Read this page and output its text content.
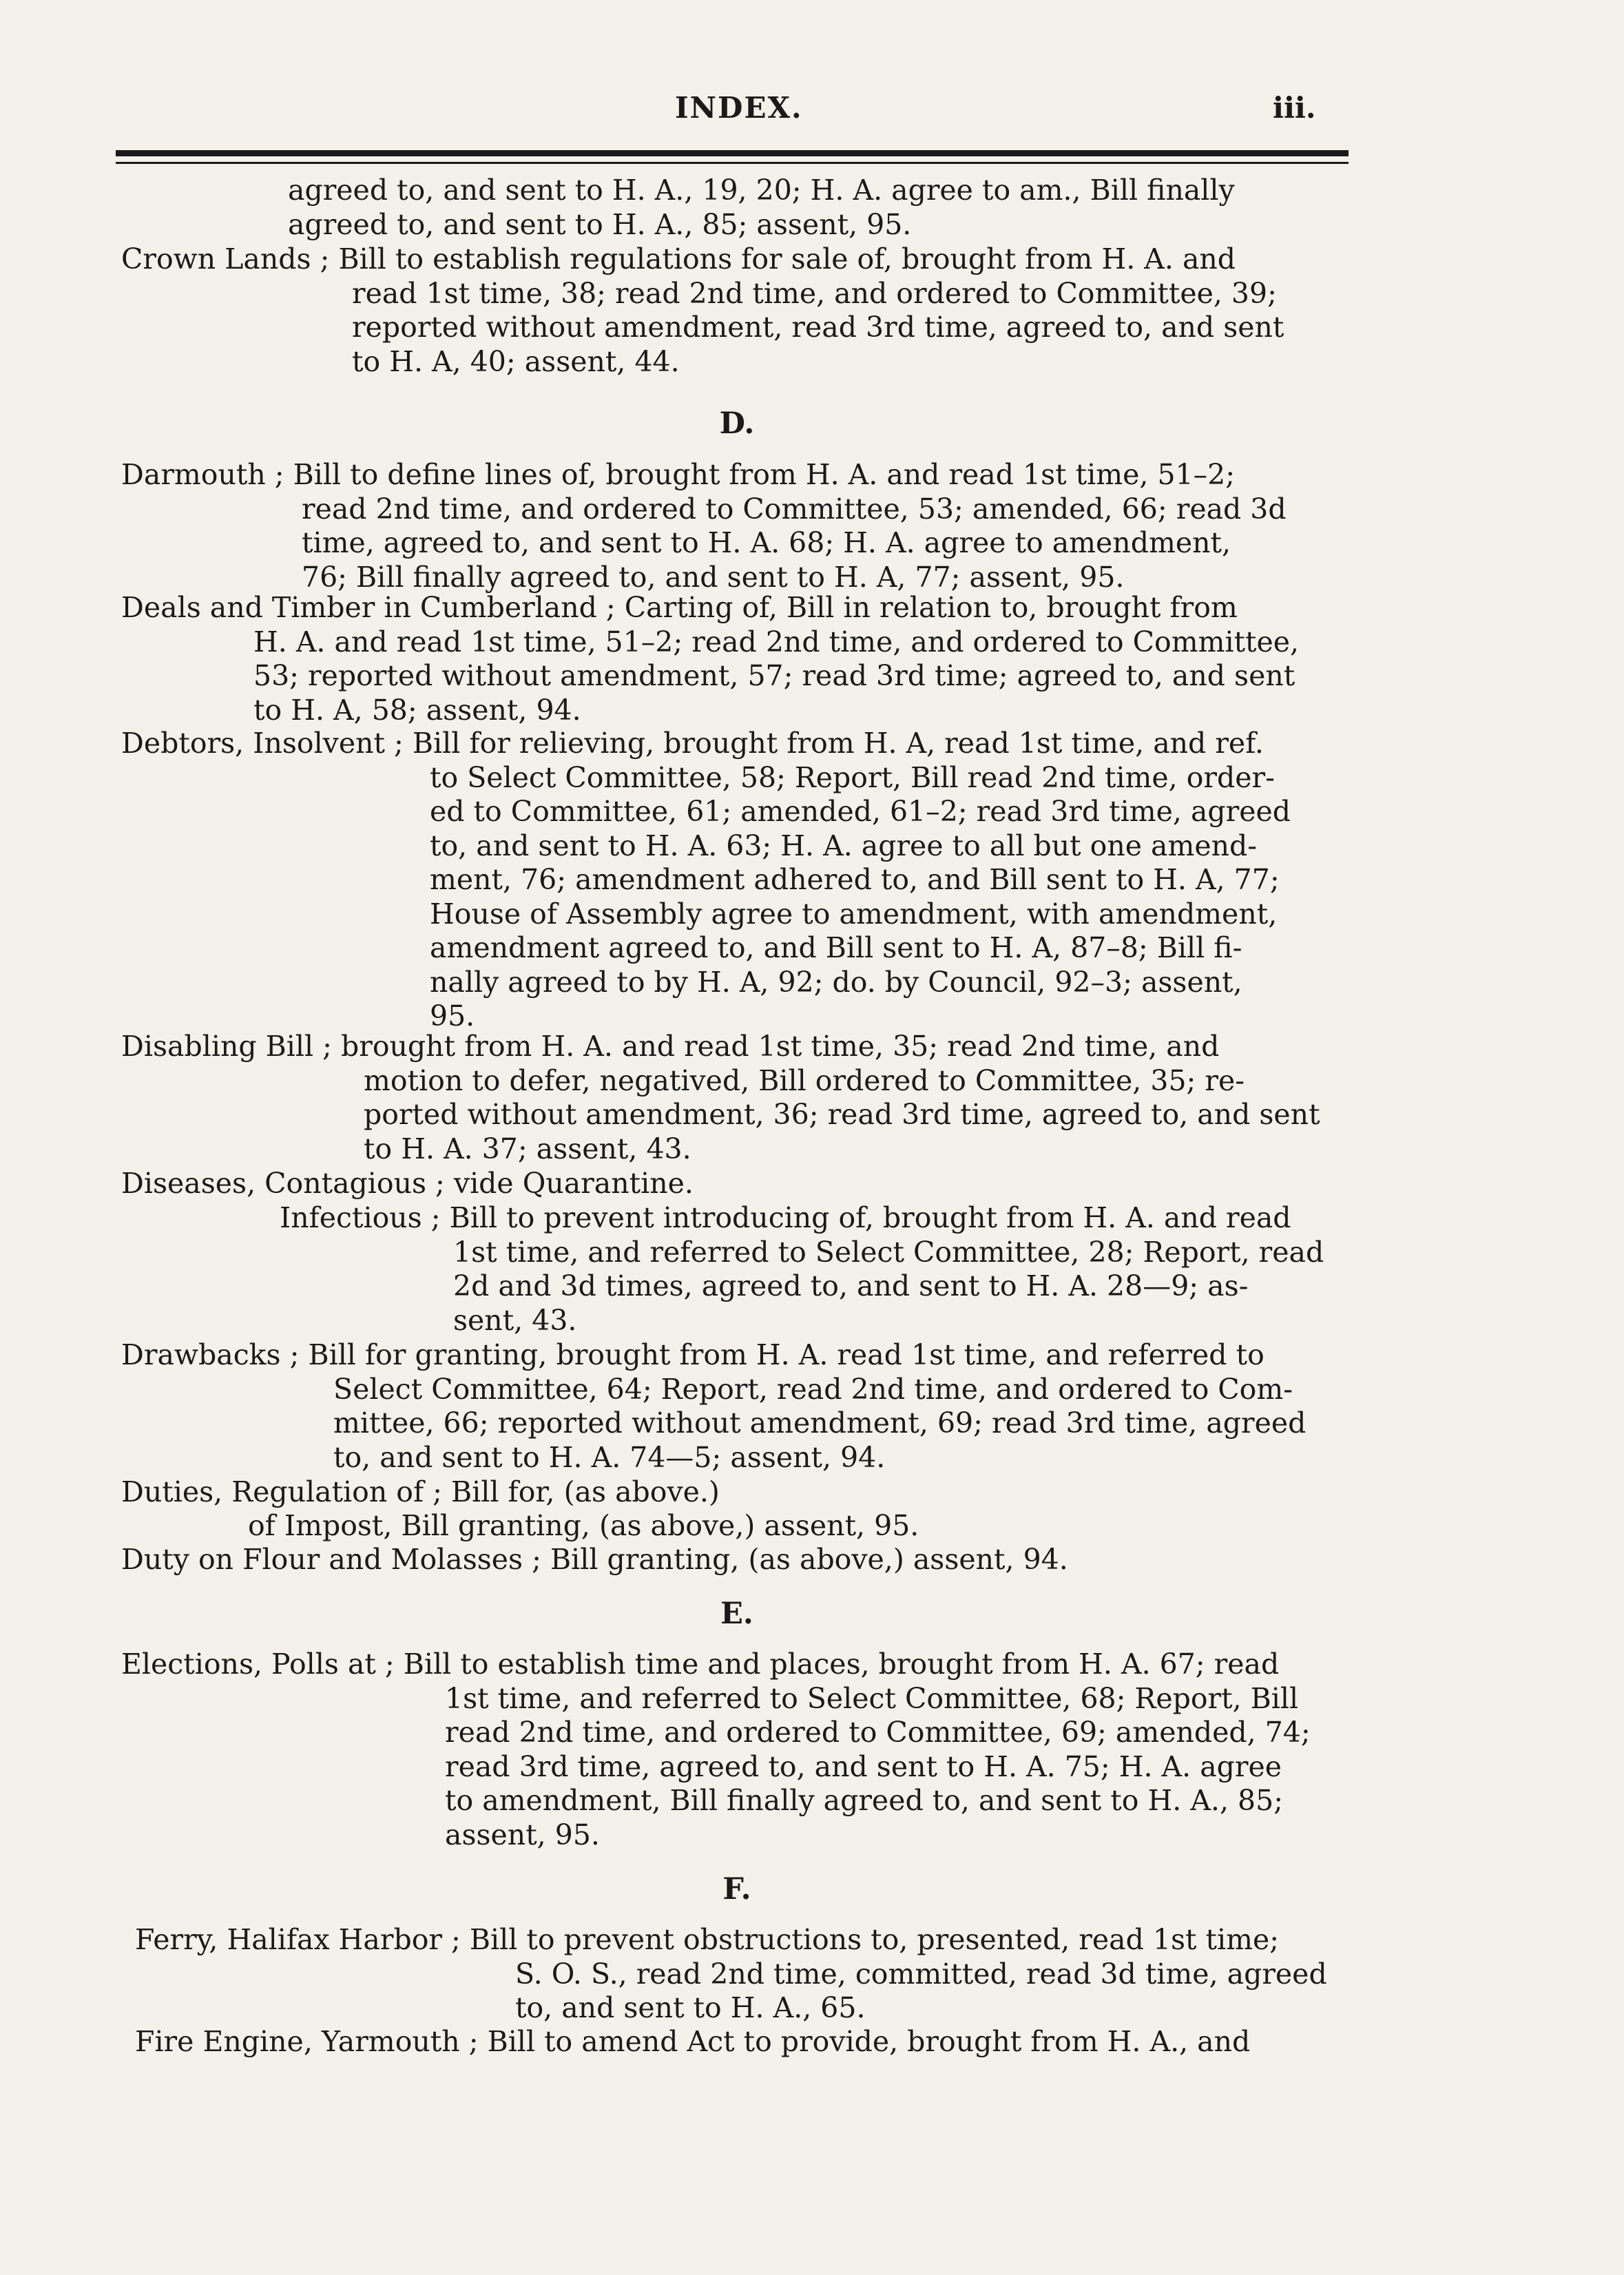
INDEX.	iii.
agreed to, and sent to H. A., 19, 20; H. A. agree to am., Bill finally
agreed to, and sent to H. A., 85; assent, 95.
Crown Lands ; Bill to establish regulations for sale of, brought from H. A. and
read 1st time, 38; read 2nd time, and ordered to Committee, 39;
reported without amendment, read 3rd time, agreed to, and sent
to H. A, 40; assent, 44.
D.
Darmouth ; Bill to define lines of, brought from H. A. and read 1st time, 51–2;
read 2nd time, and ordered to Committee, 53; amended, 66; read 3d
time, agreed to, and sent to H. A. 68; H. A. agree to amendment,
76; Bill finally agreed to, and sent to H. A, 77; assent, 95.
Deals and Timber in Cumberland ; Carting of, Bill in relation to, brought from
H. A. and read 1st time, 51–2; read 2nd time, and ordered to Committee,
53; reported without amendment, 57; read 3rd time; agreed to, and sent
to H. A, 58; assent, 94.
Debtors, Insolvent ; Bill for relieving, brought from H. A, read 1st time, and ref.
to Select Committee, 58; Report, Bill read 2nd time, order-
ed to Committee, 61; amended, 61–2; read 3rd time, agreed
to, and sent to H. A. 63; H. A. agree to all but one amend-
ment, 76; amendment adhered to, and Bill sent to H. A, 77;
House of Assembly agree to amendment, with amendment,
amendment agreed to, and Bill sent to H. A, 87–8; Bill fi-
nally agreed to by H. A, 92; do. by Council, 92–3; assent,
95.
Disabling Bill ; brought from H. A. and read 1st time, 35; read 2nd time, and
motion to defer, negatived, Bill ordered to Committee, 35; re-
ported without amendment, 36; read 3rd time, agreed to, and sent
to H. A. 37; assent, 43.
Diseases, Contagious ; vide Quarantine.
Infectious ; Bill to prevent introducing of, brought from H. A. and read
1st time, and referred to Select Committee, 28; Report, read
2d and 3d times, agreed to, and sent to H. A. 28—9; as-
sent, 43.
Drawbacks ; Bill for granting, brought from H. A. read 1st time, and referred to
Select Committee, 64; Report, read 2nd time, and ordered to Com-
mittee, 66; reported without amendment, 69; read 3rd time, agreed
to, and sent to H. A. 74—5; assent, 94.
Duties, Regulation of ; Bill for, (as above.)
of Impost, Bill granting, (as above,) assent, 95.
Duty on Flour and Molasses ; Bill granting, (as above,) assent, 94.
E.
Elections, Polls at ; Bill to establish time and places, brought from H. A. 67; read
1st time, and referred to Select Committee, 68; Report, Bill
read 2nd time, and ordered to Committee, 69; amended, 74;
read 3rd time, agreed to, and sent to H. A. 75; H. A. agree
to amendment, Bill finally agreed to, and sent to H. A., 85;
assent, 95.
F.
Ferry, Halifax Harbor ; Bill to prevent obstructions to, presented, read 1st time;
S. O. S., read 2nd time, committed, read 3d time, agreed
to, and sent to H. A., 65.
Fire Engine, Yarmouth ; Bill to amend Act to provide, brought from H. A., and
